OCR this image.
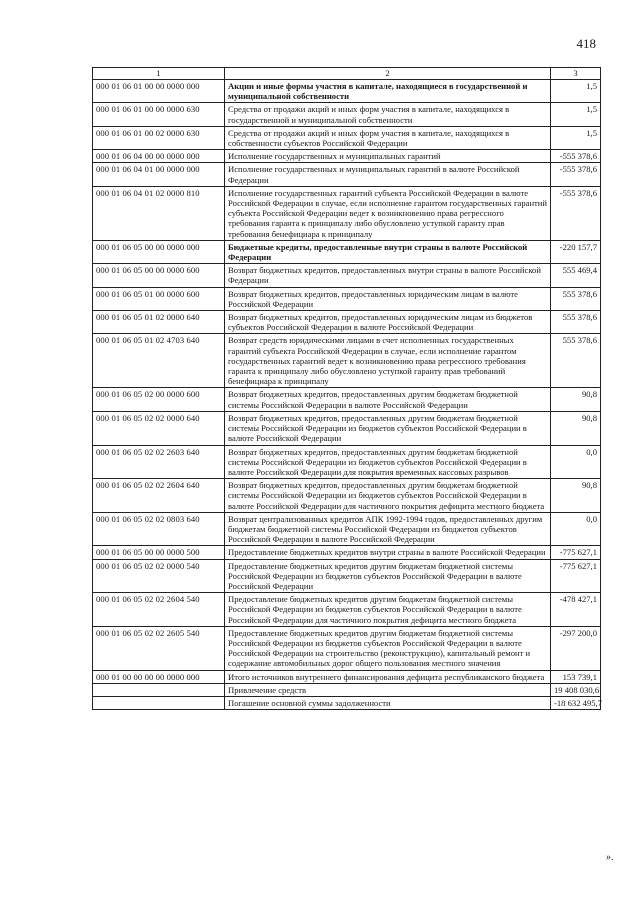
418
1	2	3
000 01 06 01 00 00 0000 000	Акции и иные формы участия в капитале, находящиеся в государственной и муниципальной собственности	1,5
000 01 06 01 00 00 0000 630	Средства от продажи акций и иных форм участия в капитале, находящихся в государственной и муниципальной собственности	1,5
000 01 06 01 00 02 0000 630	Средства от продажи акций и иных форм участия в капитале, находящихся в собственности субъектов Российской Федерации	1,5
000 01 06 04 00 00 0000 000	Исполнение государственных и муниципальных гарантий	-555 378,6
000 01 06 04 01 00 0000 000	Исполнение государственных и муниципальных гарантий в валюте Российской Федерации	-555 378,6
000 01 06 04 01 02 0000 810	Исполнение государственных гарантий субъекта Российской Федерации в валюте Российской Федерации в случае, если исполнение гарантом государственных гарантий субъекта Российской Федерации ведет к возникновению права регрессного требования гаранта к принципалу либо обусловлено уступкой гаранту прав требования бенефициара к принципалу	-555 378,6
000 01 06 05 00 00 0000 000	Бюджетные кредиты, предоставленные внутри страны в валюте Российской Федерации	-220 157,7
000 01 06 05 00 00 0000 600	Возврат бюджетных кредитов, предоставленных внутри страны в валюте Российской Федерации	555 469,4
000 01 06 05 01 00 0000 600	Возврат бюджетных кредитов, предоставленных юридическим лицам в валюте Российской Федерации	555 378,6
000 01 06 05 01 02 0000 640	Возврат бюджетных кредитов, предоставленных юридическим лицам из бюджетов субъектов Российской Федерации в валюте Российской Федерации	555 378,6
000 01 06 05 01 02 4703 640	Возврат средств юридическими лицами в счет исполненных государственных гарантий субъекта Российской Федерации в случае, если исполнение гарантом государственных гарантий ведет к возникновению права регрессного требования гаранта к принципалу либо обусловлено уступкой гаранту прав требований бенефициара к принципалу	555 378,6
000 01 06 05 02 00 0000 600	Возврат бюджетных кредитов, предоставленных другим бюджетам бюджетной системы Российской Федерации в валюте Российской Федерации	90,8
000 01 06 05 02 02 0000 640	Возврат бюджетных кредитов, предоставленных другим бюджетам бюджетной системы Российской Федерации из бюджетов субъектов Российской Федерации в валюте Российской Федерации	90,8
000 01 06 05 02 02 2603 640	Возврат бюджетных кредитов, предоставленных другим бюджетам бюджетной системы Российской Федерации из бюджетов субъектов Российской Федерации в валюте Российской Федерации для покрытия временных кассовых разрывов	0,0
000 01 06 05 02 02 2604 640	Возврат бюджетных кредитов, предоставленных другим бюджетам бюджетной системы Российской Федерации из бюджетов субъектов Российской Федерации в валюте Российской Федерации для частичного покрытия дефицита местного бюджета	90,8
000 01 06 05 02 02 0803 640	Возврат централизованных кредитов АПК 1992-1994 годов, предоставленных другим бюджетам бюджетной системы Российской Федерации из бюджетов субъектов Российской Федерации в валюте Российской Федерации	0,0
000 01 06 05 00 00 0000 500	Предоставление бюджетных кредитов внутри страны в валюте Российской Федерации	-775 627,1
000 01 06 05 02 02 0000 540	Предоставление бюджетных кредитов другим бюджетам бюджетной системы Российской Федерации из бюджетов субъектов Российской Федерации в валюте Российской Федерации	-775 627,1
000 01 06 05 02 02 2604 540	Предоставление бюджетных кредитов другим бюджетам бюджетной системы Российской Федерации из бюджетов субъектов Российской Федерации в валюте Российской Федерации для частичного покрытия дефицита местного бюджета	-478 427,1
000 01 06 05 02 02 2605 540	Предоставление бюджетных кредитов другим бюджетам бюджетной системы Российской Федерации из бюджетов субъектов Российской Федерации в валюте Российской Федерации на строительство (реконструкцию), капитальный ремонт и содержание автомобильных дорог общего пользования местного значения	-297 200,0
000 01 00 00 00 00 0000 000	Итого источников внутреннего финансирования дефицита республиканского бюджета	153 739,1
	Привлечение средств	19 408 030,6
	Погашение основной суммы задолженности	-18 632 495,7
».
